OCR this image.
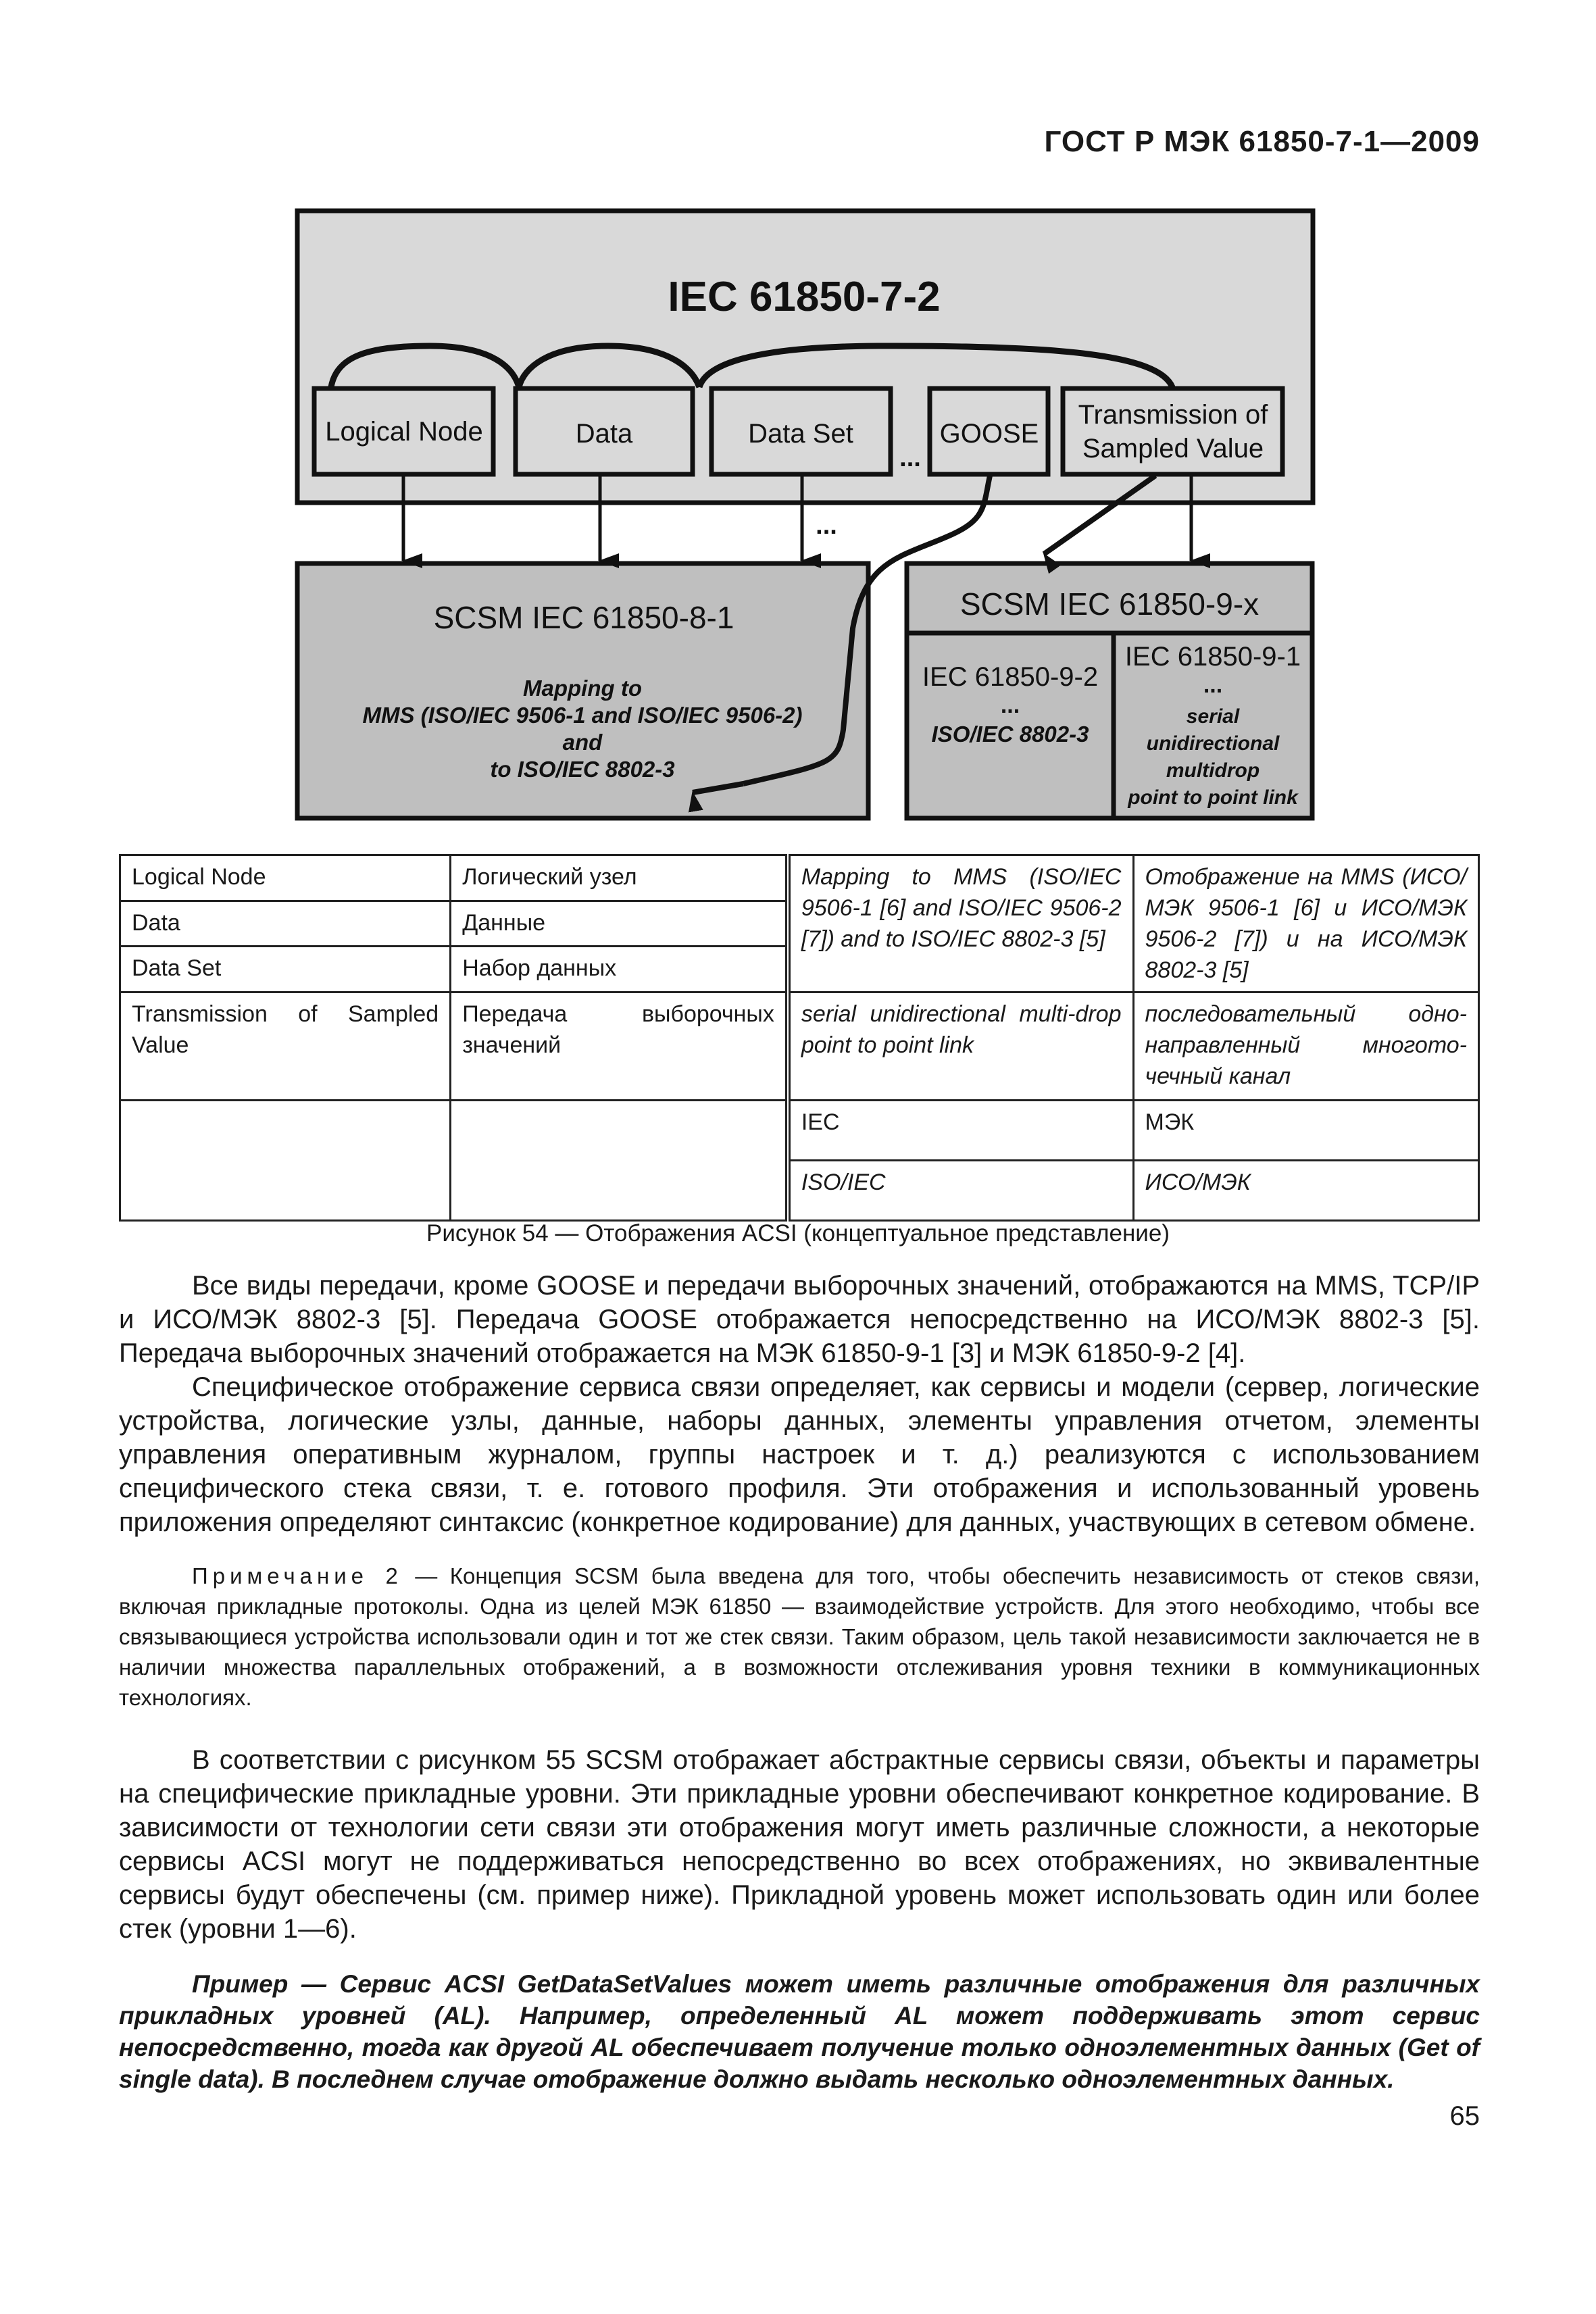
ГОСТ Р МЭК 61850-7-1—2009
IEC 61850-7-2
Logical Node	Data	Data Set	GOOSE
Transmission of
Sampled Value
...
SCSM IEC 61850-8-1
Mapping to
MMS (ISO/IEC 9506-1 and ISO/IEC 9506-2)
and
to ISO/IEC 8802-3
SCSM IEC 61850-9-x
IEC 61850-9-2
...
ISO/IEC 8802-3
IEC 61850-9-1
...
serial
unidirectional
multidrop
point to point link
...
Logical Node	Логический узел	Mapping to MMS (ISO/IEC 9506-1 [6] and ISO/IEC 9506-2 [7]) and to ISO/IEC 8802-3 [5]	Отображение на MMS (ИСО/МЭК 9506-1 [6] и ИСО/МЭК 9506-2 [7]) и на ИСО/МЭК 8802-3 [5]
Data	Данные		
Data Set	Набор данных		
Transmission of Sampled Value	Передача выборочных значений	serial unidirectional multi-drop point to point link	последовательный одно-направленный многото-чечный канал
		IEC	МЭК
		ISO/IEC	ИСО/МЭК
Рисунок 54 — Отображения ACSI (концептуальное представление)

Все виды передачи, кроме GOOSE и передачи выборочных значений, отображаются на MMS, TCP/IP и ИСО/МЭК 8802-3 [5]. Передача GOOSE отображается непосредственно на ИСО/МЭК 8802-3 [5]. Передача выборочных значений отображается на МЭК 61850-9-1 [3] и МЭК 61850-9-2 [4].

Специфическое отображение сервиса связи определяет, как сервисы и модели (сервер, логические устройства, логические узлы, данные, наборы данных, элементы управления отчетом, элементы управления оперативным журналом, группы настроек и т. д.) реализуются с использованием специфического стека связи, т. е. готового профиля. Эти отображения и использованный уровень приложения определяют синтаксис (конкретное кодирование) для данных, участвующих в сетевом обмене.

Примечание 2 — Концепция SCSM была введена для того, чтобы обеспечить независимость от стеков связи, включая прикладные протоколы. Одна из целей МЭК 61850 — взаимодействие устройств. Для этого необходимо, чтобы все связывающиеся устройства использовали один и тот же стек связи. Таким образом, цель такой независимости заключается не в наличии множества параллельных отображений, а в возможности отслеживания уровня техники в коммуникационных технологиях.

В соответствии с рисунком 55 SCSM отображает абстрактные сервисы связи, объекты и параметры на специфические прикладные уровни. Эти прикладные уровни обеспечивают конкретное кодирование. В зависимости от технологии сети связи эти отображения могут иметь различные сложности, а некоторые сервисы ACSI могут не поддерживаться непосредственно во всех отображениях, но эквивалентные сервисы будут обеспечены (см. пример ниже). Прикладной уровень может использовать один или более стек (уровни 1—6).

Пример — Сервис ACSI GetDataSetValues может иметь различные отображения для различных прикладных уровней (AL). Например, определенный AL может поддерживать этот сервис непосредственно, тогда как другой AL обеспечивает получение только одноэлементных данных (Get of single data). В последнем случае отображение должно выдать несколько одноэлементных данных.

65
